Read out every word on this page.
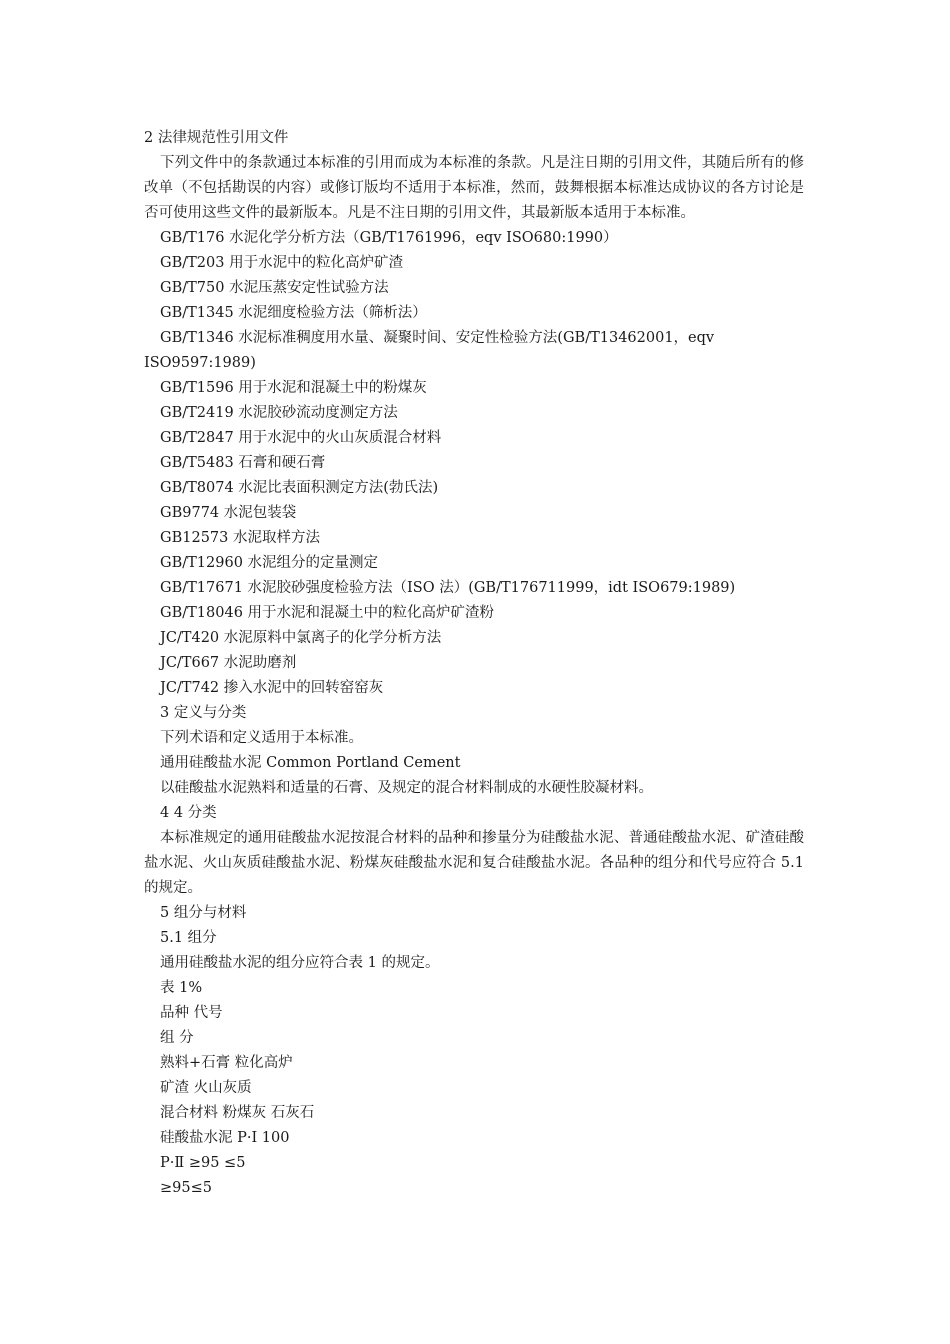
2 法律规范性引用文件
下列文件中的条款通过本标准的引用而成为本标准的条款。凡是注日期的引用文件，其随后所有的修改单（不包括勘误的内容）或修订版均不适用于本标准，然而，鼓舞根据本标准达成协议的各方讨论是否可使用这些文件的最新版本。凡是不注日期的引用文件，其最新版本适用于本标准。
GB/T176 水泥化学分析方法（GB/T1761996，eqv ISO680:1990）
GB/T203 用于水泥中的粒化高炉矿渣
GB/T750 水泥压蒸安定性试验方法
GB/T1345 水泥细度检验方法（筛析法）
GB/T1346 水泥标准稠度用水量、凝聚时间、安定性检验方法(GB/T13462001，eqv
ISO9597:1989)
GB/T1596 用于水泥和混凝土中的粉煤灰
GB/T2419 水泥胶砂流动度测定方法
GB/T2847 用于水泥中的火山灰质混合材料
GB/T5483 石膏和硬石膏
GB/T8074 水泥比表面积测定方法(勃氏法)
GB9774 水泥包装袋
GB12573 水泥取样方法
GB/T12960 水泥组分的定量测定
GB/T17671 水泥胶砂强度检验方法（ISO 法）(GB/T176711999，idt ISO679:1989)
GB/T18046 用于水泥和混凝土中的粒化高炉矿渣粉
JC/T420 水泥原料中氯离子的化学分析方法
JC/T667 水泥助磨剂
JC/T742 掺入水泥中的回转窑窑灰
3 定义与分类
下列术语和定义适用于本标准。
通用硅酸盐水泥 Common Portland Cement
以硅酸盐水泥熟料和适量的石膏、及规定的混合材料制成的水硬性胶凝材料。
4 4 分类
本标准规定的通用硅酸盐水泥按混合材料的品种和掺量分为硅酸盐水泥、普通硅酸盐水泥、矿渣硅酸盐水泥、火山灰质硅酸盐水泥、粉煤灰硅酸盐水泥和复合硅酸盐水泥。各品种的组分和代号应符合 5.1 的规定。
5 组分与材料
5.1 组分
通用硅酸盐水泥的组分应符合表 1 的规定。
表 1%
品种 代号
组 分
熟料+石膏 粒化高炉
矿渣 火山灰质
混合材料 粉煤灰 石灰石
硅酸盐水泥 P·I 100
P·Ⅱ ≥95 ≤5
≥95≤5
